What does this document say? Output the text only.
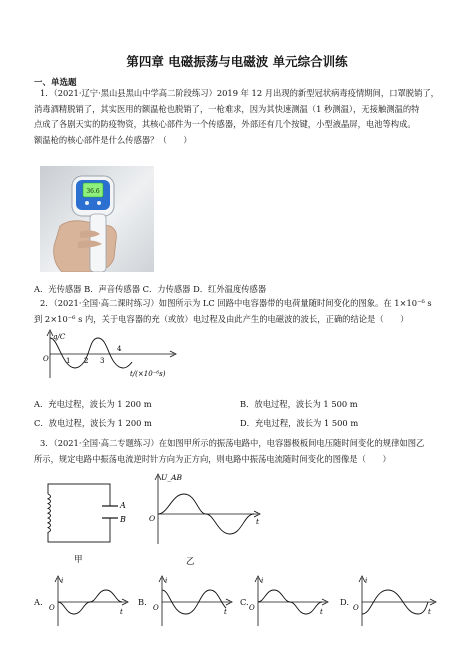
第四章 电磁振荡与电磁波 单元综合训练
一、单选题
1．（2021·辽宁·黑山县黑山中学高二阶段练习）2019 年 12 月出现的新型冠状病毒疫情期间，口罩脱销了，
消毒酒精脱销了，其实医用的额温枪也脱销了，一枪难求，因为其快速测温（1 秒测温），无接触测温的特
点成了各剧天实的防疫物资，其核心部件为一个传感器，外部还有几个按键，小型液晶屏，电池等构成。
额温枪的核心部件是什么传感器？（　　）
36.6
A．光传感器 B．声音传感器 C．力传感器 D．红外温度传感器
2．（2021·全国·高二课时练习）如图所示为 LC 回路中电容器带的电荷量随时间变化的图象。在 1×10⁻⁶ s
到 2×10⁻⁶ s 内，关于电容器的充（或放）电过程及由此产生的电磁波的波长，正确的结论是（　　）
q/C
O 1 2 3
4
t/(×10⁻⁶s)
A．充电过程，波长为 1 200 m	B．放电过程，波长为 1 500 m
C．放电过程，波长为 1 200 m	D．充电过程，波长为 1 500 m
3．（2021·全国·高二专题练习）在如图甲所示的振荡电路中，电容器极板间电压随时间变化的规律如图乙
所示，规定电路中振荡电流逆时针方向为正方向，则电路中振荡电流随时间变化的图像是（　　）
A
B
甲
U_AB
O	t
乙
A.
i
O	t
B.
i
O	t
C.
i
O	t
D.
i
O	t
